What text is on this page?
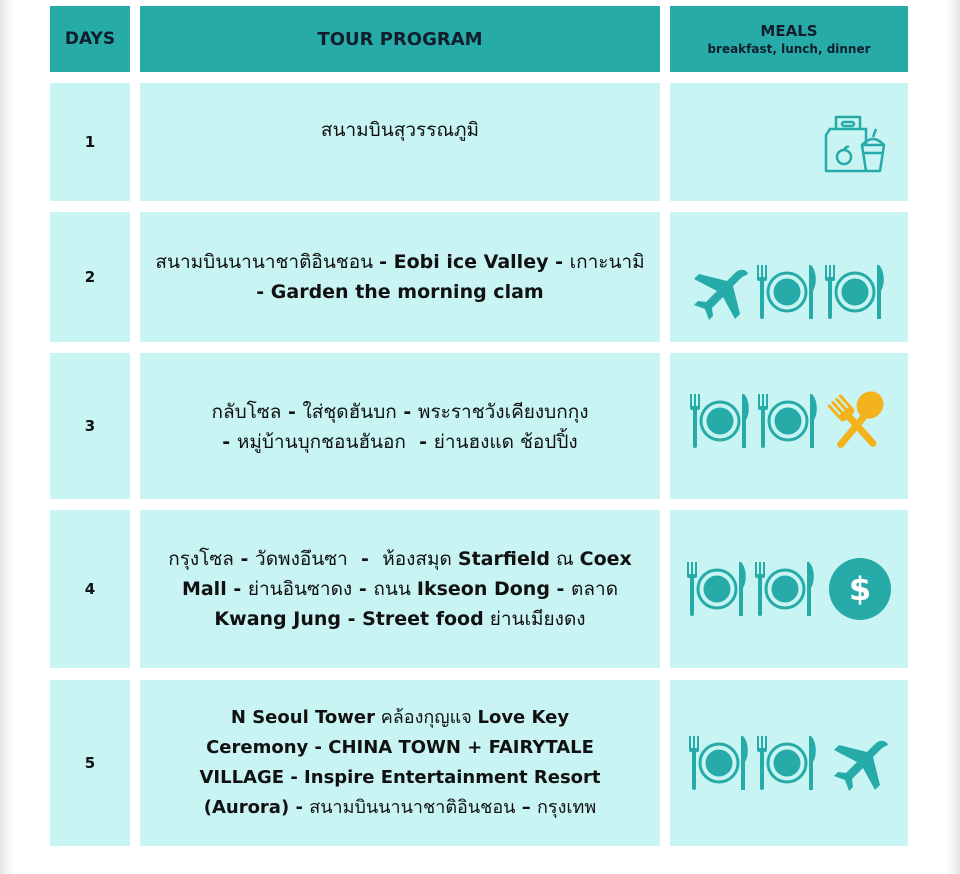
DAYS	TOUR PROGRAM	MEALS
breakfast, lunch, dinner
1
สนามบินสุวรรณภูมิ
2
สนามบินนานาชาติอินชอน - Eobi ice Valley - เกาะนามิ
- Garden the morning clam
3
กลับโซล - ใส่ชุดฮันบก - พระราชวังเคียงบกกุง
- หมู่บ้านบุกชอนฮันอก  - ย่านฮงแด ช้อปปิ้ง
4
กรุงโซล - วัดพงอึนซา  -  ห้องสมุด Starfield ณ Coex
Mall - ย่านอินซาดง - ถนน Ikseon Dong - ตลาด
Kwang Jung - Street food ย่านเมียงดง
$
5
N Seoul Tower คล้องกุญแจ Love Key
Ceremony - CHINA TOWN + FAIRYTALE
VILLAGE - Inspire Entertainment Resort
(Aurora) - สนามบินนานาชาติอินชอน – กรุงเทพ
